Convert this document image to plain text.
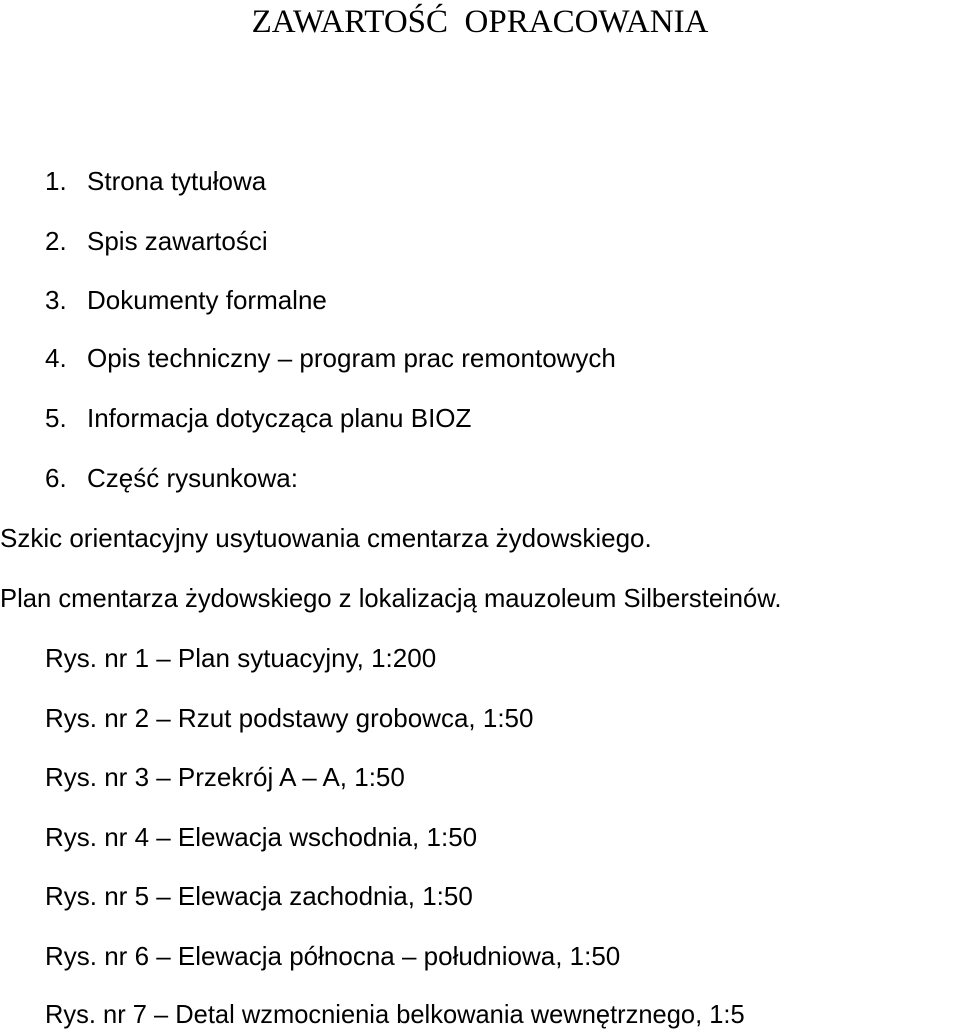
ZAWARTOŚĆ  OPRACOWANIA
1. Strona tytułowa
2. Spis zawartości
3. Dokumenty formalne
4. Opis techniczny – program prac remontowych
5. Informacja dotycząca planu BIOZ
6. Część rysunkowa:
Szkic orientacyjny usytuowania cmentarza żydowskiego.
Plan cmentarza żydowskiego z lokalizacją mauzoleum Silbersteinów.
Rys. nr 1 – Plan sytuacyjny, 1:200
Rys. nr 2 – Rzut podstawy grobowca, 1:50
Rys. nr 3 – Przekrój A – A, 1:50
Rys. nr 4 – Elewacja wschodnia, 1:50
Rys. nr 5 – Elewacja zachodnia, 1:50
Rys. nr 6 – Elewacja północna – południowa, 1:50
Rys. nr 7 – Detal wzmocnienia belkowania wewnętrznego, 1:5
